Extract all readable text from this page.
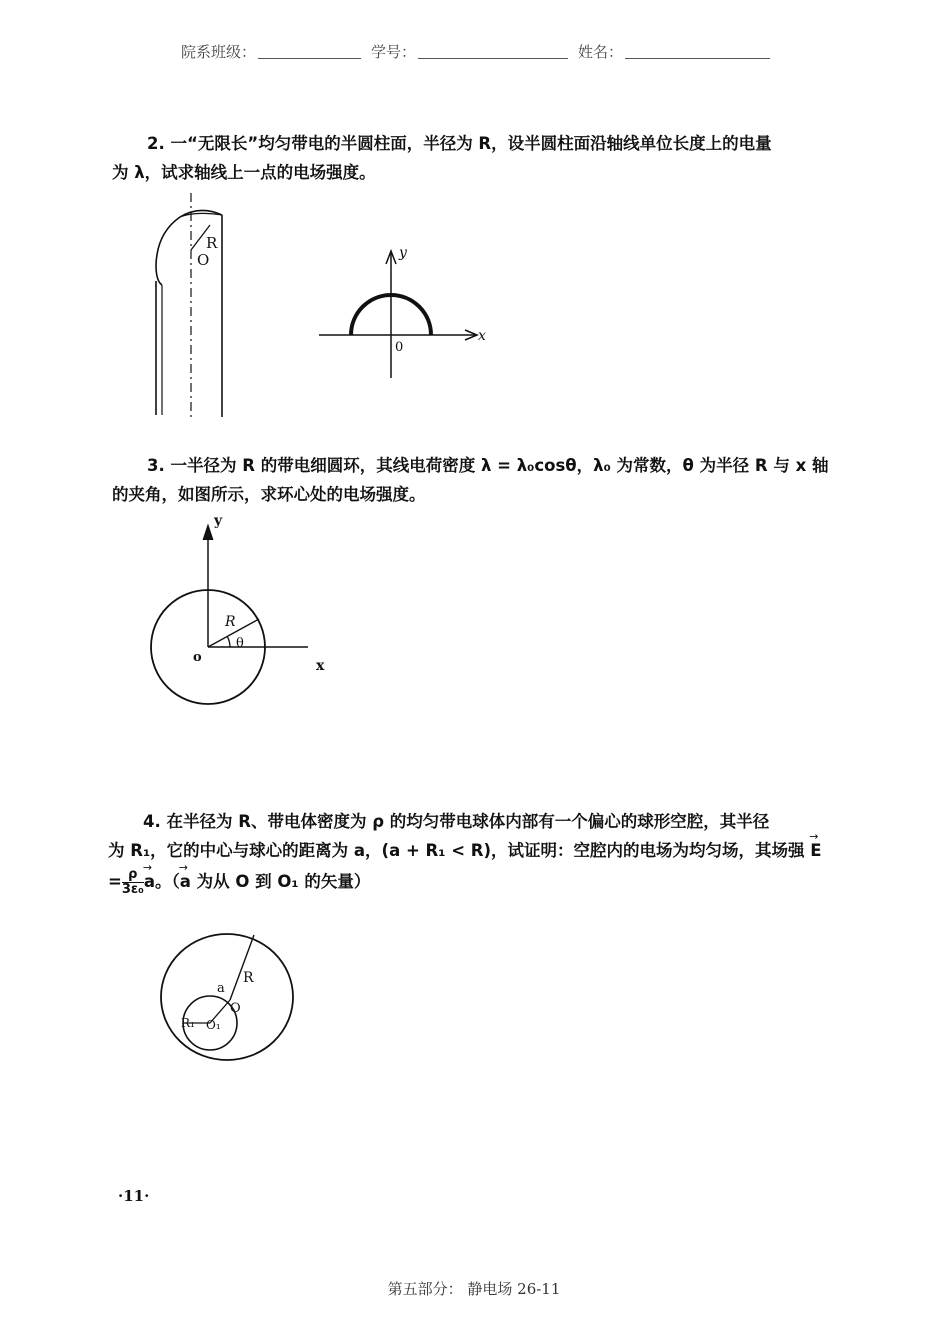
院系班级：	学号：	姓名：

2. 一“无限长”均匀带电的半圆柱面，半径为 R，设半圆柱面沿轴线单位长度上的电量

为 λ，试求轴线上一点的电场强度。

R
O
x
y
0

3. 一半径为 R 的带电细圆环，其线电荷密度 λ = λ₀cosθ，λ₀ 为常数，θ 为半径 R 与 x 轴

的夹角，如图所示，求环心处的电场强度。

y
x
R
θ
o

4. 在半径为 R、带电体密度为 ρ 的均匀带电球体内部有一个偏心的球形空腔，其半径

为 R₁，它的中心与球心的距离为 a，(a + R₁ < R)，试证明：空腔内的电场为均匀场，其场强 → E

= $\frac{\rho}{\text{3ε₀}}$
→ a。（→ a 为从 O 到 O₁ 的矢量）

R
a
O
R₁ O₁
·11·
第五部分： 静电场 26-11
